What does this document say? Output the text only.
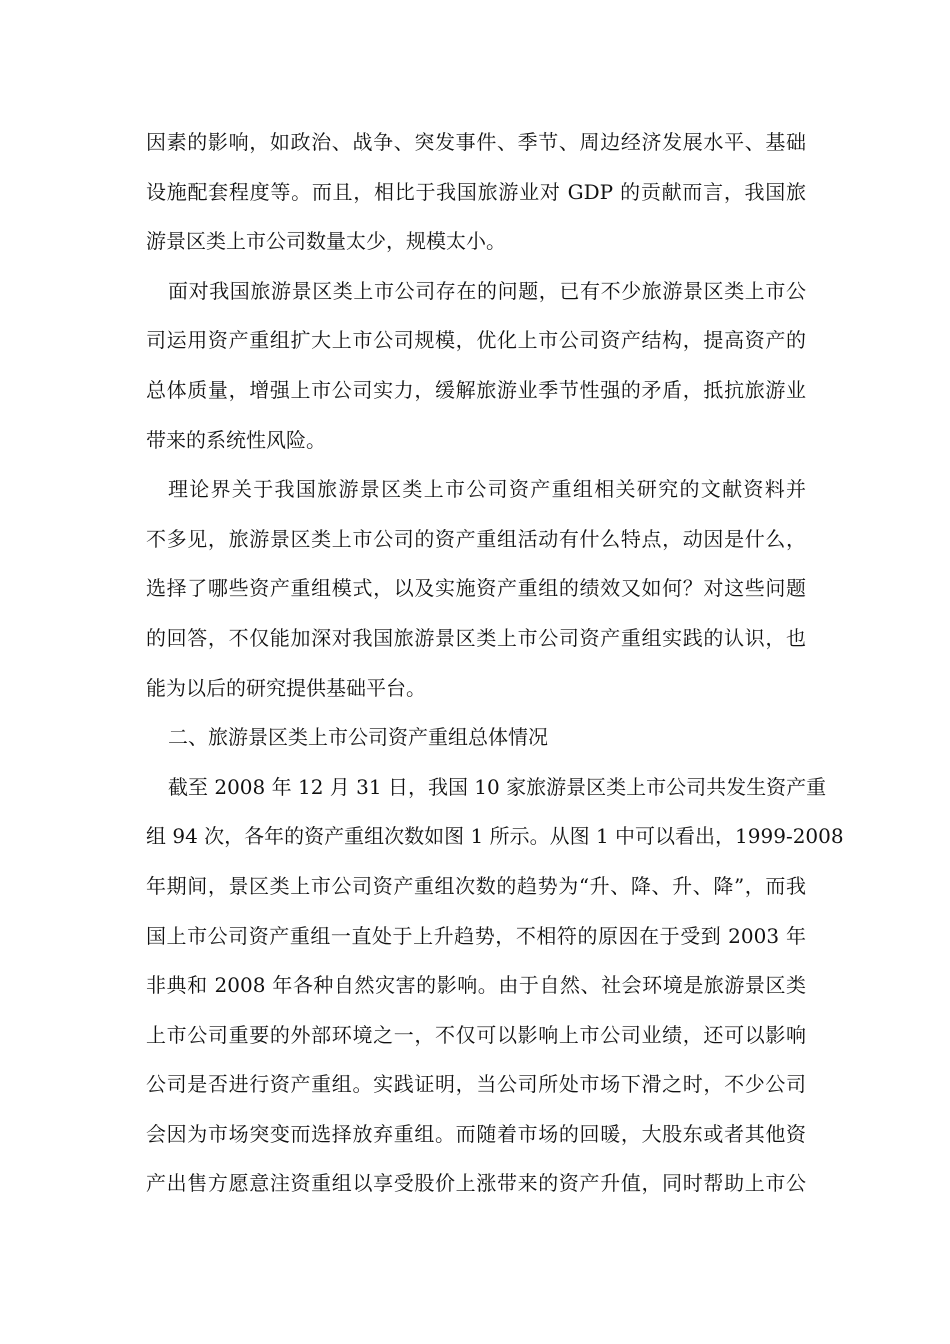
因素的影响，如政治、战争、突发事件、季节、周边经济发展水平、基础
设施配套程度等。而且，相比于我国旅游业对 GDP 的贡献而言，我国旅
游景区类上市公司数量太少，规模太小。
面对我国旅游景区类上市公司存在的问题，已有不少旅游景区类上市公
司运用资产重组扩大上市公司规模，优化上市公司资产结构，提高资产的
总体质量，增强上市公司实力，缓解旅游业季节性强的矛盾，抵抗旅游业
带来的系统性风险。
理论界关于我国旅游景区类上市公司资产重组相关研究的文献资料并
不多见，旅游景区类上市公司的资产重组活动有什么特点，动因是什么，
选择了哪些资产重组模式，以及实施资产重组的绩效又如何？对这些问题
的回答，不仅能加深对我国旅游景区类上市公司资产重组实践的认识，也
能为以后的研究提供基础平台。
二、旅游景区类上市公司资产重组总体情况
截至 2008 年 12 月 31 日，我国 10 家旅游景区类上市公司共发生资产重
组 94 次，各年的资产重组次数如图 1 所示。从图 1 中可以看出，1999-2008
年期间，景区类上市公司资产重组次数的趋势为“升、降、升、降”，而我
国上市公司资产重组一直处于上升趋势，不相符的原因在于受到 2003 年
非典和 2008 年各种自然灾害的影响。由于自然、社会环境是旅游景区类
上市公司重要的外部环境之一，不仅可以影响上市公司业绩，还可以影响
公司是否进行资产重组。实践证明，当公司所处市场下滑之时，不少公司
会因为市场突变而选择放弃重组。而随着市场的回暖，大股东或者其他资
产出售方愿意注资重组以享受股价上涨带来的资产升值，同时帮助上市公
